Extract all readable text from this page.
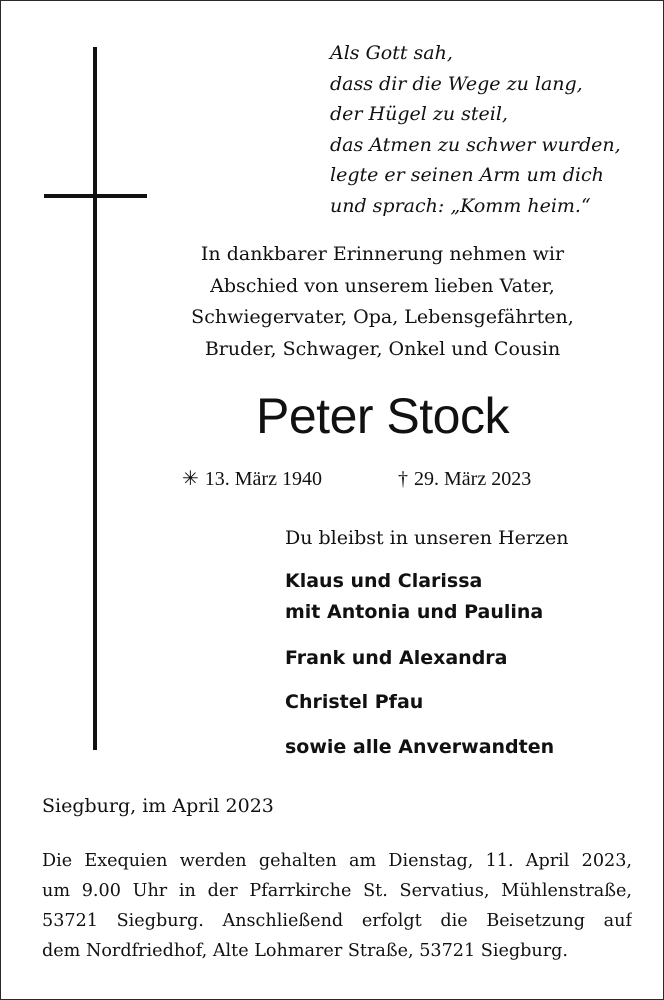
Als Gott sah,
dass dir die Wege zu lang,
der Hügel zu steil,
das Atmen zu schwer wurden,
legte er seinen Arm um dich
und sprach: „Komm heim.“
In dankbarer Erinnerung nehmen wir
Abschied von unserem lieben Vater,
Schwiegervater, Opa, Lebensgefährten,
Bruder, Schwager, Onkel und Cousin
Peter Stock
✳ 13. März 1940	† 29. März 2023
Du bleibst in unseren Herzen
Klaus und Clarissa
mit Antonia und Paulina
Frank und Alexandra
Christel Pfau
sowie alle Anverwandten
Siegburg, im April 2023
Die Exequien werden gehalten am Dienstag, 11. April 2023,
um 9.00 Uhr in der Pfarrkirche St. Servatius, Mühlenstraße,
53721 Siegburg. Anschließend erfolgt die Beisetzung auf
dem Nordfriedhof, Alte Lohmarer Straße, 53721 Siegburg.
